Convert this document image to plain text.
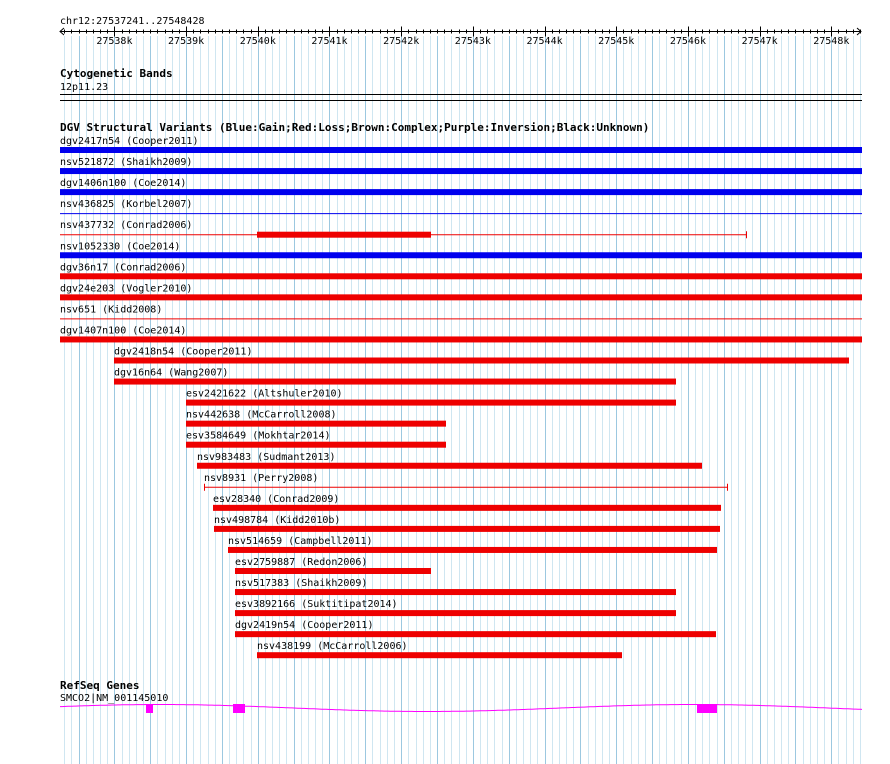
chr12:27537241..27548428
27538k	27539k	27540k	27541k	27542k	27543k	27544k	27545k	27546k	27547k	27548k
Cytogenetic Bands
12p11.23
DGV Structural Variants (Blue:Gain;Red:Loss;Brown:Complex;Purple:Inversion;Black:Unknown)
dgv2417n54 (Cooper2011)
nsv521872 (Shaikh2009)
dgv1406n100 (Coe2014)
nsv436825 (Korbel2007)
nsv437732 (Conrad2006)
nsv1052330 (Coe2014)
dgv36n17 (Conrad2006)
dgv24e203 (Vogler2010)
nsv651 (Kidd2008)
dgv1407n100 (Coe2014)
dgv2418n54 (Cooper2011)
dgv16n64 (Wang2007)
esv2421622 (Altshuler2010)
nsv442638 (McCarroll2008)
esv3584649 (Mokhtar2014)
nsv983483 (Sudmant2013)
nsv8931 (Perry2008)
esv28340 (Conrad2009)
nsv498784 (Kidd2010b)
nsv514659 (Campbell2011)
esv2759887 (Redon2006)
nsv517383 (Shaikh2009)
esv3892166 (Suktitipat2014)
dgv2419n54 (Cooper2011)
nsv438199 (McCarroll2006)
RefSeq Genes
SMCO2|NM_001145010
